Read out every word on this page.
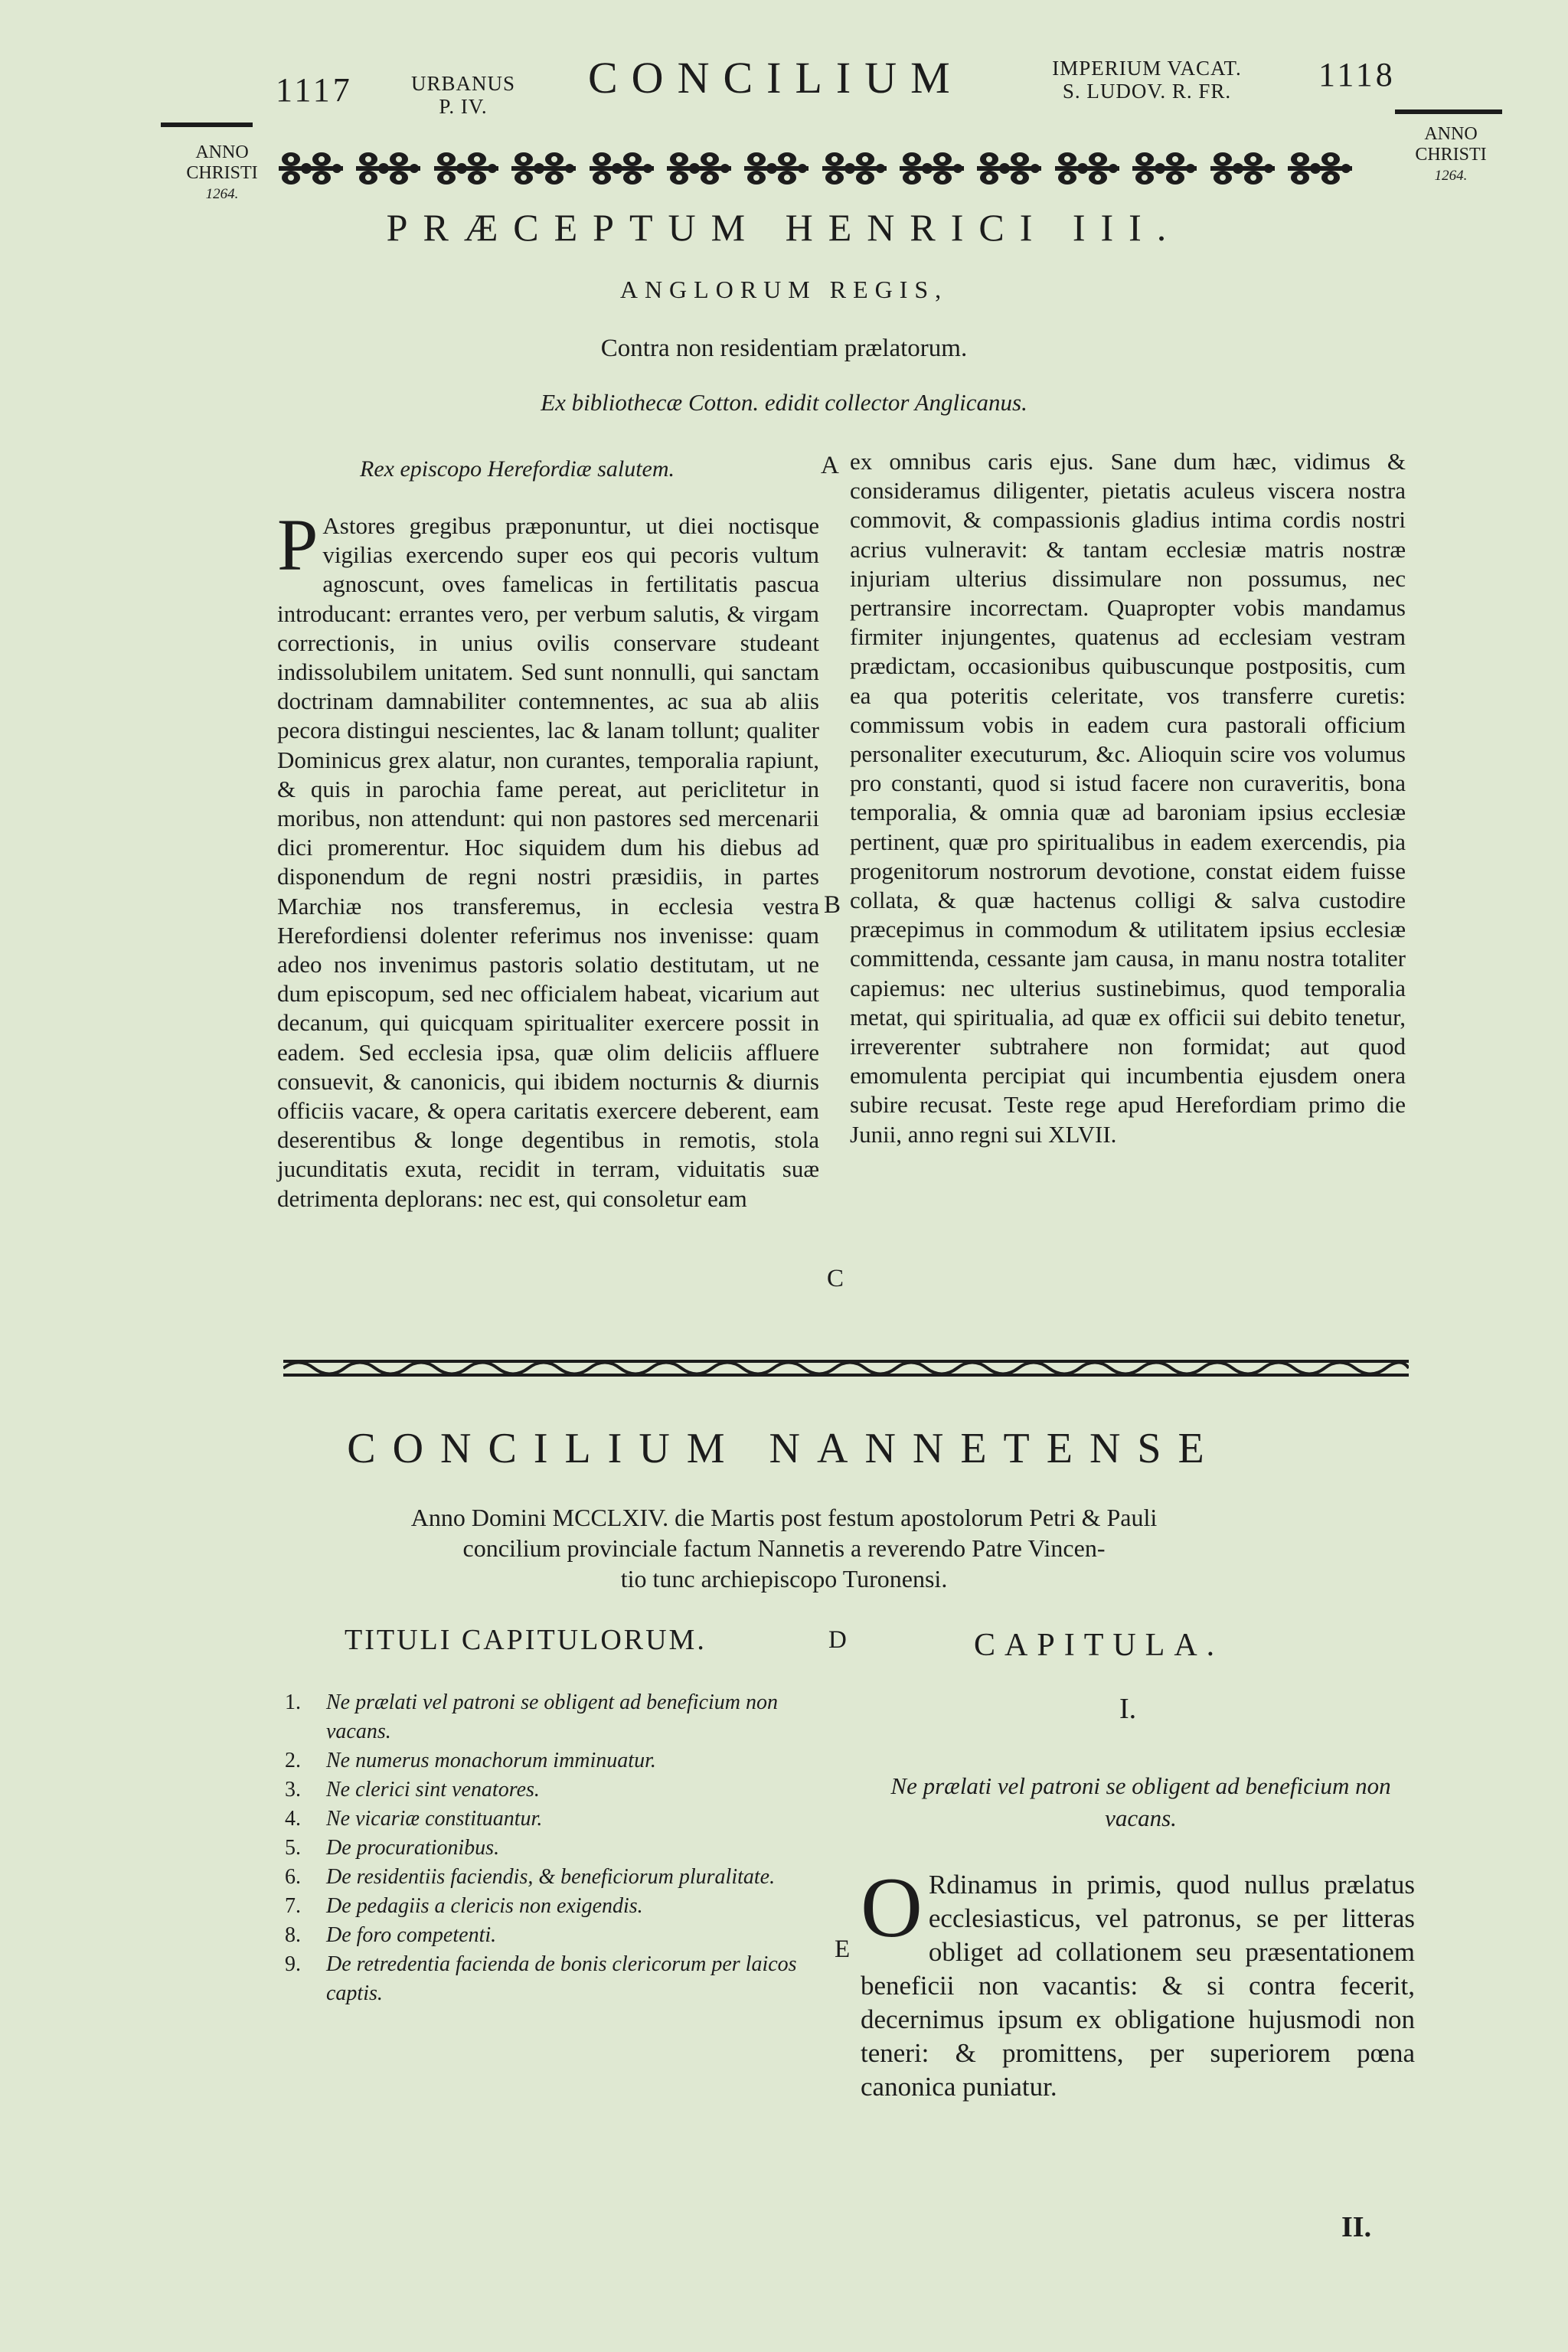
1117	URBANUS
P. IV.
CONCILIUM	IMPERIUM VACAT.
S. LUDOV. R. FR.	1118
ANNO
CHRISTI
1264.
ANNO
CHRISTI
1264.
PRÆCEPTUM HENRICI III.
ANGLORUM REGIS,
Contra non residentiam prælatorum.
Ex bibliothecæ Cotton. edidit collector Anglicanus.
Rex episcopo Herefordiæ salutem.
P Astores gregibus præponuntur, ut diei noctisque vigilias exercendo super eos qui pecoris vultum agnoscunt, oves famelicas in fertilitatis pascua introducant: errantes vero, per verbum salutis, & virgam correctionis, in unius ovilis conservare studeant indissolubilem unitatem. Sed sunt nonnulli, qui sanctam doctrinam damnabiliter contemnentes, ac sua ab aliis pecora distingui nescientes, lac & lanam tollunt; qualiter Dominicus grex alatur, non curantes, temporalia rapiunt, & quis in parochia fame pereat, aut periclitetur in moribus, non attendunt: qui non pastores sed mercenarii dici promerentur. Hoc siquidem dum his diebus ad disponendum de regni nostri præsidiis, in partes Marchiæ nos transferemus, in ecclesia vestra Herefordiensi dolenter referimus nos invenisse: quam adeo nos invenimus pastoris solatio destitutam, ut ne dum episcopum, sed nec officialem habeat, vicarium aut decanum, qui quicquam spiritualiter exercere possit in eadem. Sed ecclesia ipsa, quæ olim deliciis affluere consuevit, & canonicis, qui ibidem nocturnis & diurnis officiis vacare, & opera caritatis exercere deberent, eam deserentibus & longe degentibus in remotis, stola jucunditatis exuta, recidit in terram, viduitatis suæ detrimenta deplorans: nec est, qui consoletur eam
ex omnibus caris ejus. Sane dum hæc, vidimus & consideramus diligenter, pietatis aculeus viscera nostra commovit, & compassionis gladius intima cordis nostri acrius vulneravit: & tantam ecclesiæ matris nostræ injuriam ulterius dissimulare non possumus, nec pertransire incorrectam. Quapropter vobis mandamus firmiter injungentes, quatenus ad ecclesiam vestram prædictam, occasionibus quibuscunque postpositis, cum ea qua poteritis celeritate, vos transferre curetis: commissum vobis in eadem cura pastorali officium personaliter executurum, &c. Alioquin scire vos volumus pro constanti, quod si istud facere non curaveritis, bona temporalia, & omnia quæ ad baroniam ipsius ecclesiæ pertinent, quæ pro spiritualibus in eadem exercendis, pia progenitorum nostrorum devotione, constat eidem fuisse collata, & quæ hactenus colligi & salva custodire præcepimus in commodum & utilitatem ipsius ecclesiæ committenda, cessante jam causa, in manu nostra totaliter capiemus: nec ulterius sustinebimus, quod temporalia metat, qui spiritualia, ad quæ ex officii sui debito tenetur, irreverenter subtrahere non formidat; aut quod emomulenta percipiat qui incumbentia ejusdem onera subire recusat. Teste rege apud Herefordiam primo die Junii, anno regni sui XLVII.
A
B
C
CONCILIUM NANNETENSE
Anno Domini MCCLXIV. die Martis post festum apostolorum Petri & Pauli
concilium provinciale factum Nannetis a reverendo Patre Vincen-
tio tunc archiepiscopo Turonensi.
TITULI CAPITULORUM.	D
1. Ne prælati vel patroni se obligent ad beneficium non vacans.
2. Ne numerus monachorum imminuatur.
3. Ne clerici sint venatores.
4. Ne vicariæ constituantur.
5. De procurationibus.
6. De residentiis faciendis, & beneficiorum pluralitate.
7. De pedagiis a clericis non exigendis.
8. De foro competenti.
9. De retredentia facienda de bonis clericorum per laicos captis.
CAPITULA.
I.
Ne prælati vel patroni se obligent ad beneficium non vacans.
E O Rdinamus in primis, quod nullus prælatus ecclesiasticus, vel patronus, se per litteras obliget ad collationem seu præsentationem beneficii non vacantis: & si contra fecerit, decernimus ipsum ex obligatione hujusmodi non teneri: & promittens, per superiorem pœna canonica puniatur.
II.
